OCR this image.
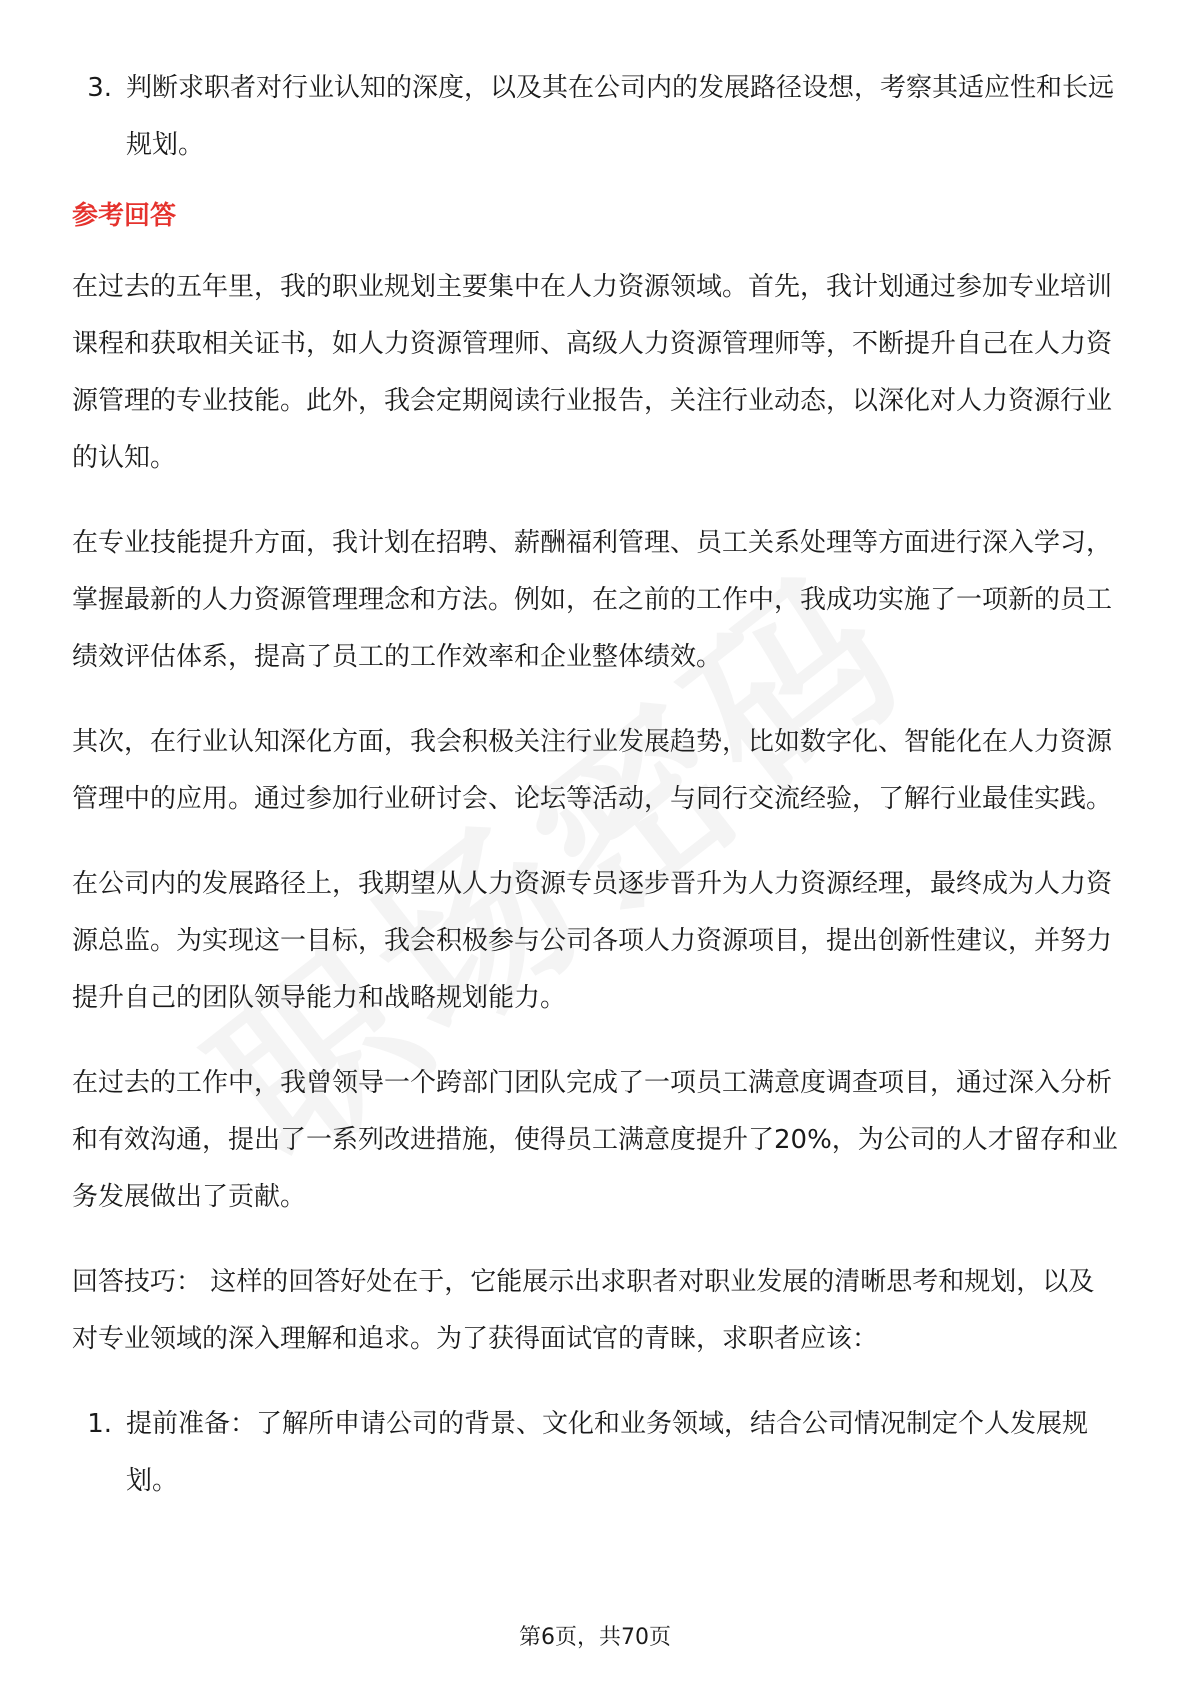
3. 判断求职者对行业认知的深度，以及其在公司内的发展路径设想，考察其适应性和长远规划。
参考回答

在过去的五年里，我的职业规划主要集中在人力资源领域。首先，我计划通过参加专业培训课程和获取相关证书，如人力资源管理师、高级人力资源管理师等，不断提升自己在人力资源管理的专业技能。此外，我会定期阅读行业报告，关注行业动态，以深化对人力资源行业的认知。

在专业技能提升方面，我计划在招聘、薪酬福利管理、员工关系处理等方面进行深入学习，掌握最新的人力资源管理理念和方法。例如，在之前的工作中，我成功实施了一项新的员工绩效评估体系，提高了员工的工作效率和企业整体绩效。

其次，在行业认知深化方面，我会积极关注行业发展趋势，比如数字化、智能化在人力资源管理中的应用。通过参加行业研讨会、论坛等活动，与同行交流经验，了解行业最佳实践。

在公司内的发展路径上，我期望从人力资源专员逐步晋升为人力资源经理，最终成为人力资源总监。为实现这一目标，我会积极参与公司各项人力资源项目，提出创新性建议，并努力提升自己的团队领导能力和战略规划能力。

在过去的工作中，我曾领导一个跨部门团队完成了一项员工满意度调查项目，通过深入分析和有效沟通，提出了一系列改进措施，使得员工满意度提升了20%，为公司的人才留存和业务发展做出了贡献。

回答技巧： 这样的回答好处在于，它能展示出求职者对职业发展的清晰思考和规划，以及对专业领域的深入理解和追求。为了获得面试官的青睐，求职者应该：

1. 提前准备：了解所申请公司的背景、文化和业务领域，结合公司情况制定个人发展规划。
第6页，共70页
